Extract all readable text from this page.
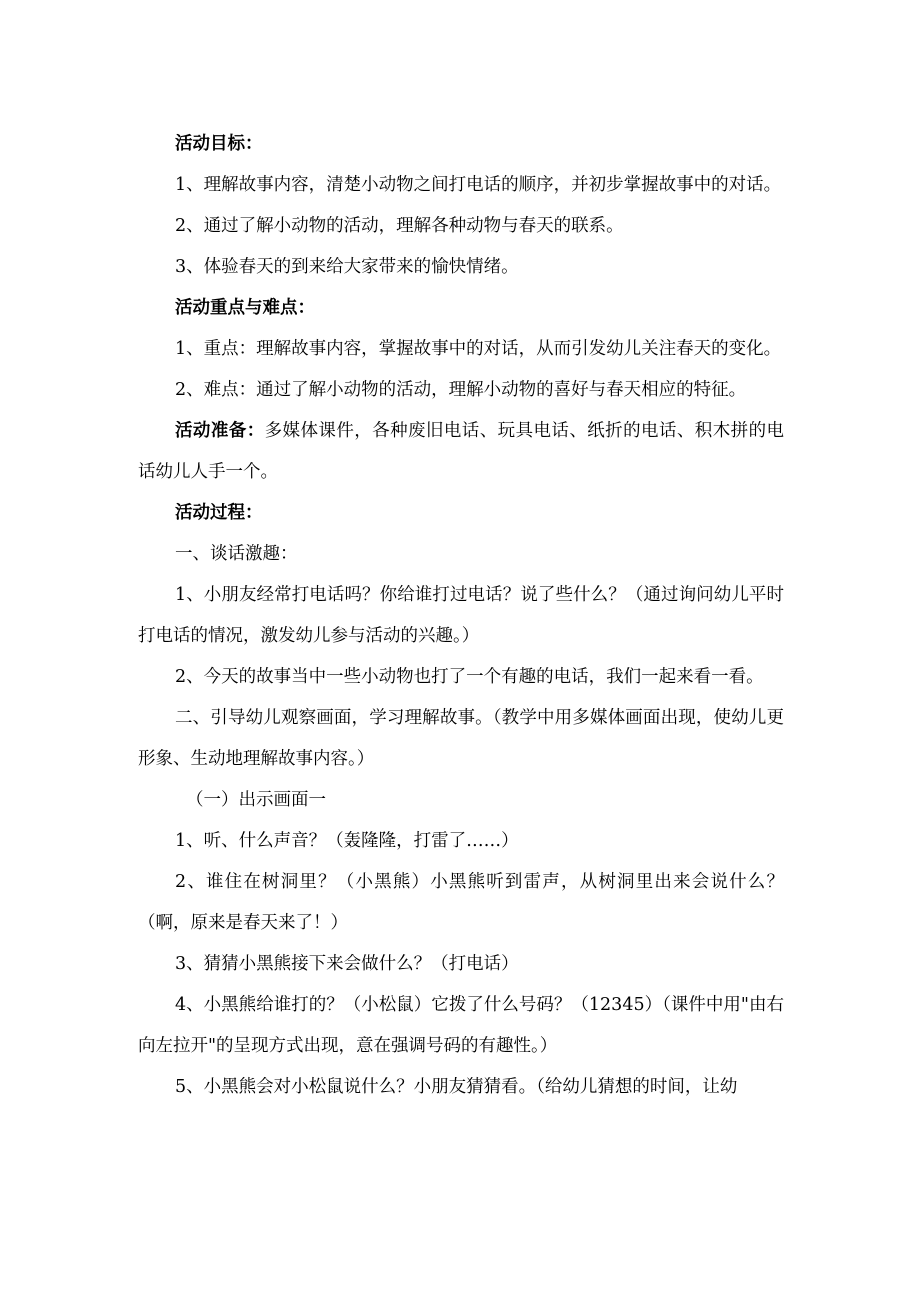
活动目标：

1、理解故事内容，清楚小动物之间打电话的顺序，并初步掌握故事中的对话。

2、通过了解小动物的活动，理解各种动物与春天的联系。

3、体验春天的到来给大家带来的愉快情绪。

活动重点与难点：

1、重点：理解故事内容，掌握故事中的对话，从而引发幼儿关注春天的变化。

2、难点：通过了解小动物的活动，理解小动物的喜好与春天相应的特征。

活动准备：多媒体课件，各种废旧电话、玩具电话、纸折的电话、积木拼的电话幼儿人手一个。

活动过程：

一、谈话激趣：

1、小朋友经常打电话吗？你给谁打过电话？说了些什么？（通过询问幼儿平时打电话的情况，激发幼儿参与活动的兴趣。）

2、今天的故事当中一些小动物也打了一个有趣的电话，我们一起来看一看。

二、引导幼儿观察画面，学习理解故事。（教学中用多媒体画面出现，使幼儿更形象、生动地理解故事内容。）

（一）出示画面一

1、听、什么声音？（轰隆隆，打雷了……）

2、谁住在树洞里？（小黑熊）小黑熊听到雷声，从树洞里出来会说什么？（啊，原来是春天来了！）

3、猜猜小黑熊接下来会做什么？（打电话）

4、小黑熊给谁打的？（小松鼠）它拨了什么号码？（12345）（课件中用"由右向左拉开"的呈现方式出现，意在强调号码的有趣性。）

5、小黑熊会对小松鼠说什么？小朋友猜猜看。（给幼儿猜想的时间，让幼
